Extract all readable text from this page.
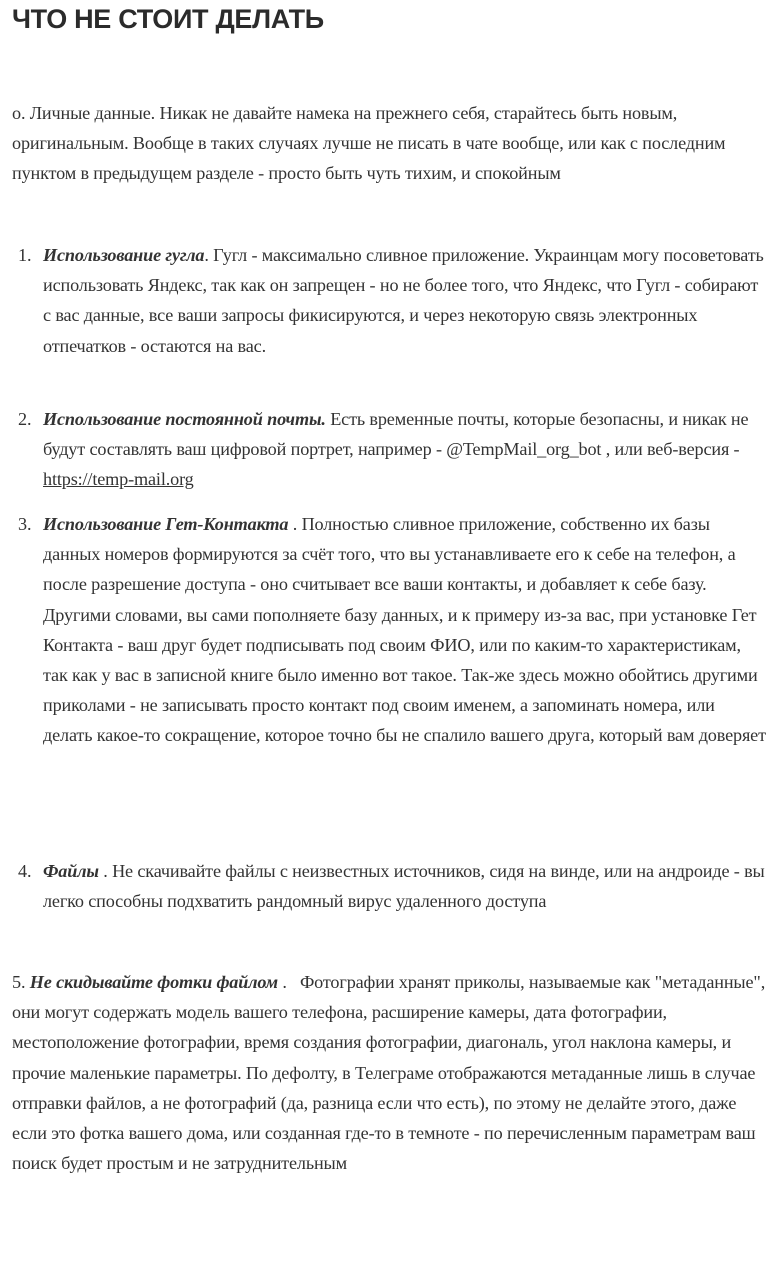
ЧТО НЕ СТОИТ ДЕЛАТЬ

о. Личные данные. Никак не давайте намека на прежнего себя, старайтесь быть новым, оригинальным. Вообще в таких случаях лучше не писать в чате вообще, или как с последним пунктом в предыдущем разделе - просто быть чуть тихим, и спокойным

1. Использование гугла. Гугл - максимально сливное приложение. Украинцам могу посоветовать использовать Яндекс, так как он запрещен - но не более того, что Яндекс, что Гугл - собирают с вас данные, все ваши запросы фикисируются, и через некоторую связь электронных отпечатков - остаются на вас.
2. Использование постоянной почты. Есть временные почты, которые безопасны, и никак не будут составлять ваш цифровой портрет, например - @TempMail_org_bot , или веб-версия - https://temp-mail.org
3. Использование Гет-Контакта . Полностью сливное приложение, собственно их базы данных номеров формируются за счёт того, что вы устанавливаете его к себе на телефон, а после разрешение доступа - оно считывает все ваши контакты, и добавляет к себе базу. Другими словами, вы сами пополняете базу данных, и к примеру из-за вас, при установке Гет Контакта - ваш друг будет подписывать под своим ФИО, или по каким-то характеристикам, так как у вас в записной книге было именно вот такое. Так-же здесь можно обойтись другими приколами - не записывать просто контакт под своим именем, а запоминать номера, или делать какое-то сокращение, которое точно бы не спалило вашего друга, который вам доверяет
4. Файлы . Не скачивайте файлы с неизвестных источников, сидя на винде, или на андроиде - вы легко способны подхватить рандомный вирус удаленного доступа

5. Не скидывайте фотки файлом .   Фотографии хранят приколы, называемые как "метаданные", они могут содержать модель вашего телефона, расширение камеры, дата фотографии, местоположение фотографии, время создания фотографии, диагональ, угол наклона камеры, и прочие маленькие параметры. По дефолту, в Телеграме отображаются метаданные лишь в случае отправки файлов, а не фотографий (да, разница если что есть), по этому не делайте этого, даже если это фотка вашего дома, или созданная где-то в темноте - по перечисленным параметрам ваш поиск будет простым и не затруднительным
